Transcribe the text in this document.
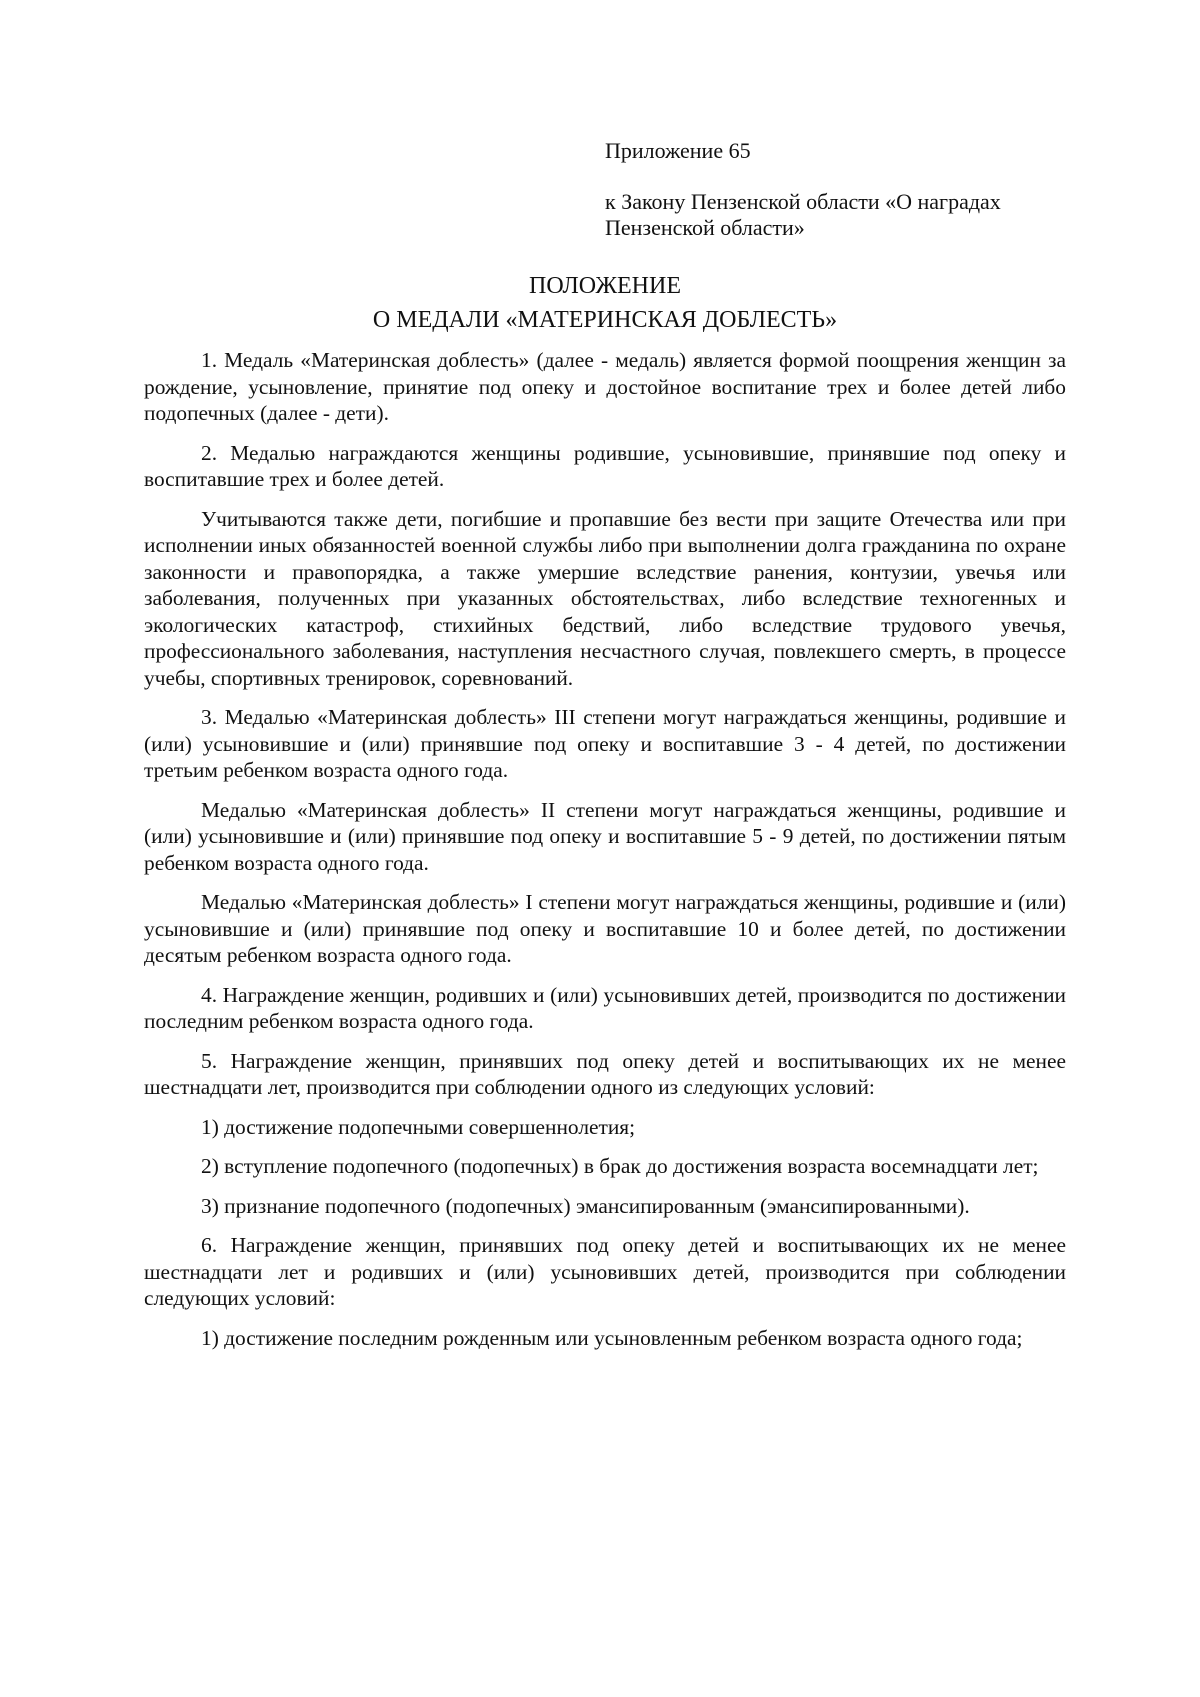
Приложение 65

к Закону Пензенской области «О наградах Пензенской области»

ПОЛОЖЕНИЕ
О МЕДАЛИ «МАТЕРИНСКАЯ ДОБЛЕСТЬ»

1. Медаль «Материнская доблесть» (далее - медаль) является формой поощрения женщин за рождение, усыновление, принятие под опеку и достойное воспитание трех и более детей либо подопечных (далее - дети).

2. Медалью награждаются женщины родившие, усыновившие, принявшие под опеку и воспитавшие трех и более детей.

Учитываются также дети, погибшие и пропавшие без вести при защите Отечества или при исполнении иных обязанностей военной службы либо при выполнении долга гражданина по охране законности и правопорядка, а также умершие вследствие ранения, контузии, увечья или заболевания, полученных при указанных обстоятельствах, либо вследствие техногенных и экологических катастроф, стихийных бедствий, либо вследствие трудового увечья, профессионального заболевания, наступления несчастного случая, повлекшего смерть, в процессе учебы, спортивных тренировок, соревнований.

3. Медалью «Материнская доблесть» III степени могут награждаться женщины, родившие и (или) усыновившие и (или) принявшие под опеку и воспитавшие 3 - 4 детей, по достижении третьим ребенком возраста одного года.

Медалью «Материнская доблесть» II степени могут награждаться женщины, родившие и (или) усыновившие и (или) принявшие под опеку и воспитавшие 5 - 9 детей, по достижении пятым ребенком возраста одного года.

Медалью «Материнская доблесть» I степени могут награждаться женщины, родившие и (или) усыновившие и (или) принявшие под опеку и воспитавшие 10 и более детей, по достижении десятым ребенком возраста одного года.

4. Награждение женщин, родивших и (или) усыновивших детей, производится по достижении последним ребенком возраста одного года.

5. Награждение женщин, принявших под опеку детей и воспитывающих их не менее шестнадцати лет, производится при соблюдении одного из следующих условий:

1) достижение подопечными совершеннолетия;

2) вступление подопечного (подопечных) в брак до достижения возраста восемнадцати лет;

3) признание подопечного (подопечных) эмансипированным (эмансипированными).

6. Награждение женщин, принявших под опеку детей и воспитывающих их не менее шестнадцати лет и родивших и (или) усыновивших детей, производится при соблюдении следующих условий:

1) достижение последним рожденным или усыновленным ребенком возраста одного года;
